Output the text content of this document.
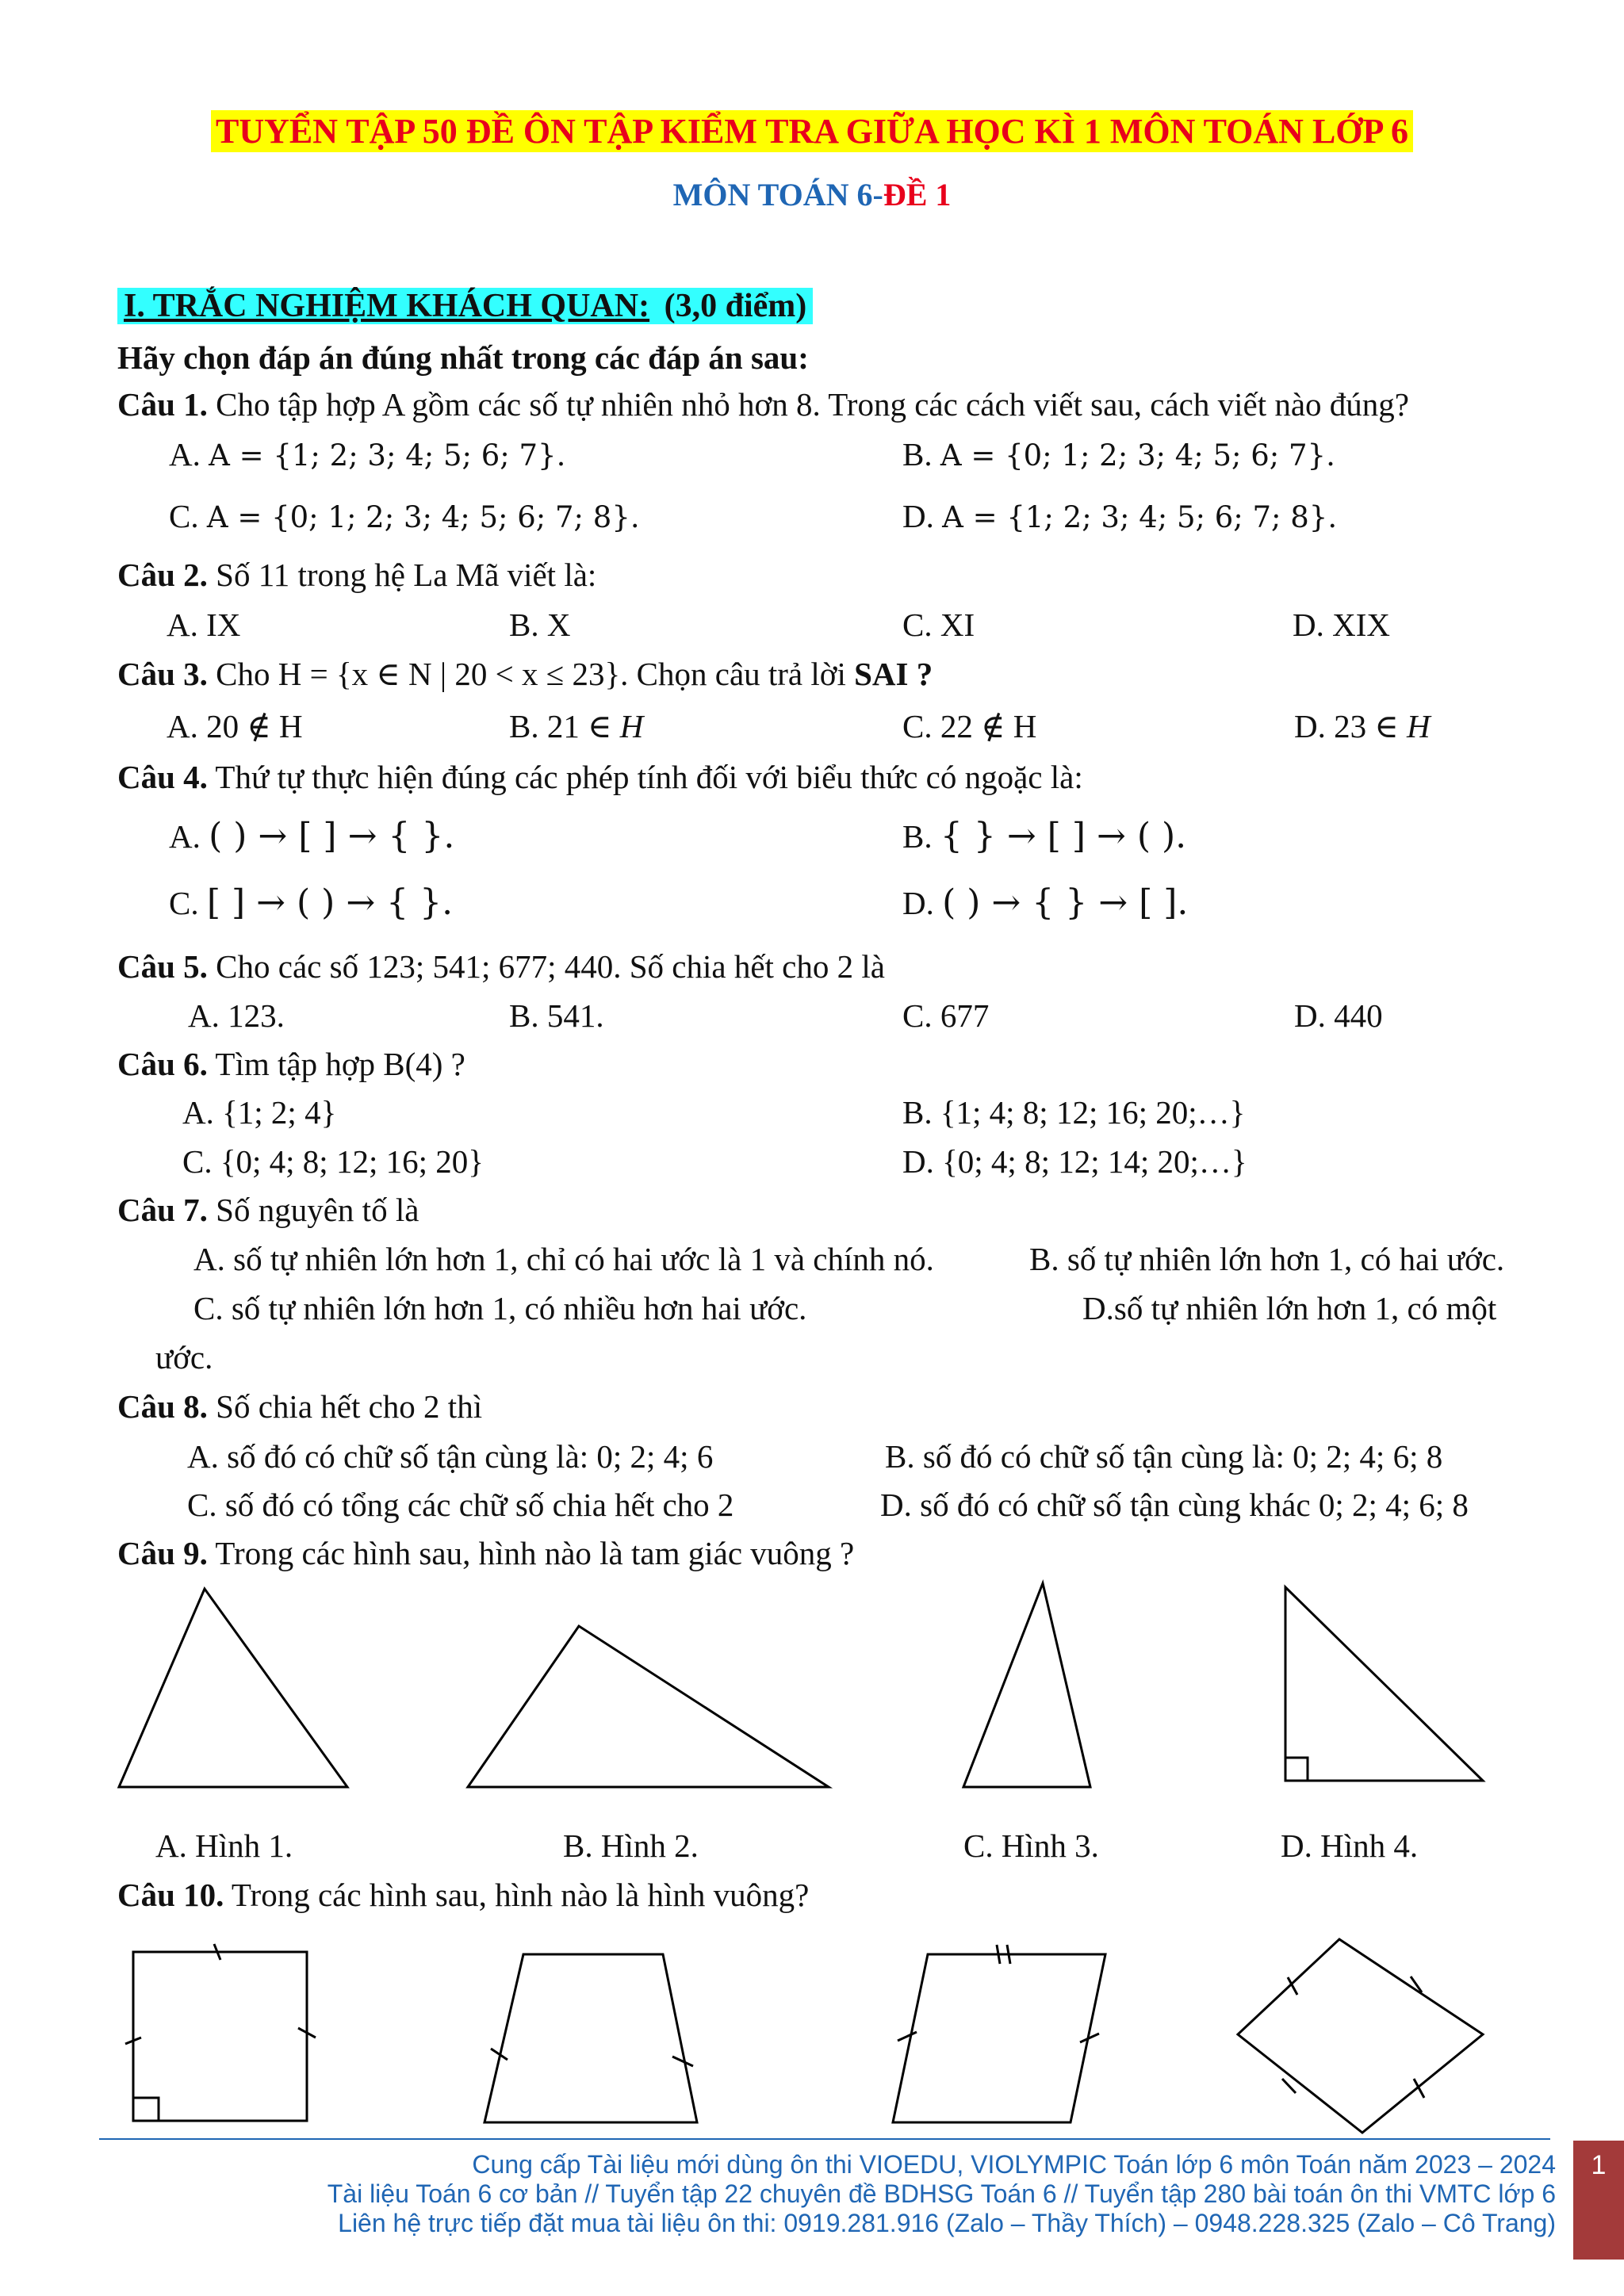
TUYỂN TẬP 50 ĐỀ ÔN TẬP KIỂM TRA GIỮA HỌC KÌ 1 MÔN TOÁN LỚP 6
MÔN TOÁN 6-ĐỀ 1
I. TRẮC NGHIỆM KHÁCH QUAN: (3,0 điểm)
Hãy chọn đáp án đúng nhất trong các đáp án sau:
Câu 1. Cho tập hợp A gồm các số tự nhiên nhỏ hơn 8. Trong các cách viết sau, cách viết nào đúng?
A. A = {1; 2; 3; 4; 5; 6; 7}.	B. A = {0; 1; 2; 3; 4; 5; 6; 7}.
C. A = {0; 1; 2; 3; 4; 5; 6; 7; 8}.	D. A = {1; 2; 3; 4; 5; 6; 7; 8}.
Câu 2. Số 11 trong hệ La Mã viết là:
A. IX	B. X	C. XI	D. XIX
Câu 3. Cho H = {x ∈ N | 20 < x ≤ 23}. Chọn câu trả lời SAI ?
A. 20 ∉ H	B. 21 ∈ H	C. 22 ∉ H	D. 23 ∈ H
Câu 4. Thứ tự thực hiện đúng các phép tính đối với biểu thức có ngoặc là:
A. ( ) → [ ] → { }.	B. { } → [ ] → ( ).
C. [ ] → ( ) → { }.	D. ( ) → { } → [ ].
Câu 5. Cho các số 123; 541; 677; 440. Số chia hết cho 2 là
A. 123.	B. 541.	C. 677	D. 440
Câu 6. Tìm tập hợp B(4) ?
A. {1; 2; 4}	B. {1; 4; 8; 12; 16; 20;…}
C. {0; 4; 8; 12; 16; 20}	D. {0; 4; 8; 12; 14; 20;…}
Câu 7. Số nguyên tố là
A. số tự nhiên lớn hơn 1, chỉ có hai ước là 1 và chính nó.	B. số tự nhiên lớn hơn 1, có hai ước.
C. số tự nhiên lớn hơn 1, có nhiều hơn hai ước.	D.số tự nhiên lớn hơn 1, có một
ước.
Câu 8. Số chia hết cho 2 thì
A. số đó có chữ số tận cùng là: 0; 2; 4; 6	B. số đó có chữ số tận cùng là: 0; 2; 4; 6; 8
C. số đó có tổng các chữ số chia hết cho 2	D. số đó có chữ số tận cùng khác 0; 2; 4; 6; 8
Câu 9. Trong các hình sau, hình nào là tam giác vuông ?
A. Hình 1.	B. Hình 2.	C. Hình 3.	D. Hình 4.
Câu 10. Trong các hình sau, hình nào là hình vuông?
Cung cấp Tài liệu mới dùng ôn thi VIOEDU, VIOLYMPIC Toán lớp 6 môn Toán năm 2023 – 2024
Tài liệu Toán 6 cơ bản // Tuyển tập 22 chuyên đề BDHSG Toán 6 // Tuyển tập 280 bài toán ôn thi VMTC lớp 6
Liên hệ trực tiếp đặt mua tài liệu ôn thi: 0919.281.916 (Zalo – Thầy Thích) – 0948.228.325 (Zalo – Cô Trang)
1
